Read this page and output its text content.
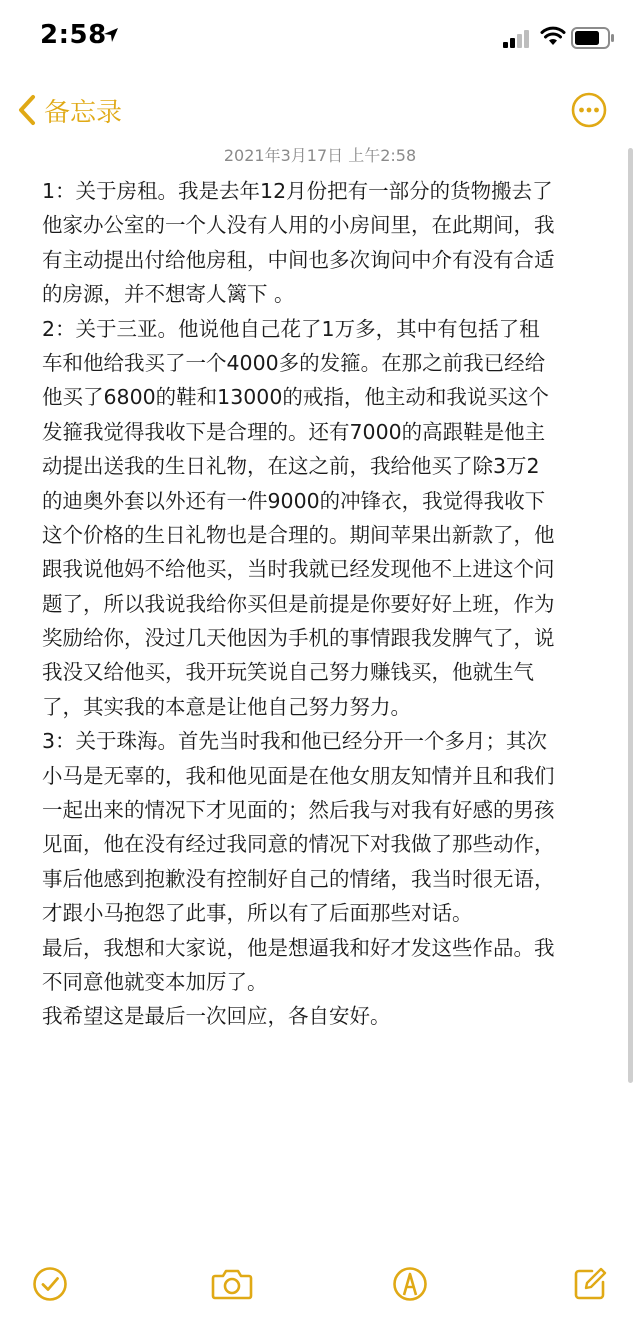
2:58
备忘录
2021年3月17日 上午2:58
1：关于房租。我是去年12月份把有一部分的货物搬去了
他家办公室的一个人没有人用的小房间里，在此期间，我
有主动提出付给他房租，中间也多次询问中介有没有合适
的房源，并不想寄人篱下 。
2：关于三亚。他说他自己花了1万多，其中有包括了租
车和他给我买了一个4000多的发箍。在那之前我已经给
他买了6800的鞋和13000的戒指，他主动和我说买这个
发箍我觉得我收下是合理的。还有7000的高跟鞋是他主
动提出送我的生日礼物，在这之前，我给他买了除3万2
的迪奥外套以外还有一件9000的冲锋衣，我觉得我收下
这个价格的生日礼物也是合理的。期间苹果出新款了，他
跟我说他妈不给他买，当时我就已经发现他不上进这个问
题了，所以我说我给你买但是前提是你要好好上班，作为
奖励给你，没过几天他因为手机的事情跟我发脾气了，说
我没又给他买，我开玩笑说自己努力赚钱买，他就生气
了，其实我的本意是让他自己努力努力。
3：关于珠海。首先当时我和他已经分开一个多月；其次
小马是无辜的，我和他见面是在他女朋友知情并且和我们
一起出来的情况下才见面的；然后我与对我有好感的男孩
见面，他在没有经过我同意的情况下对我做了那些动作，
事后他感到抱歉没有控制好自己的情绪，我当时很无语，
才跟小马抱怨了此事，所以有了后面那些对话。
最后，我想和大家说，他是想逼我和好才发这些作品。我
不同意他就变本加厉了。
我希望这是最后一次回应，各自安好。
